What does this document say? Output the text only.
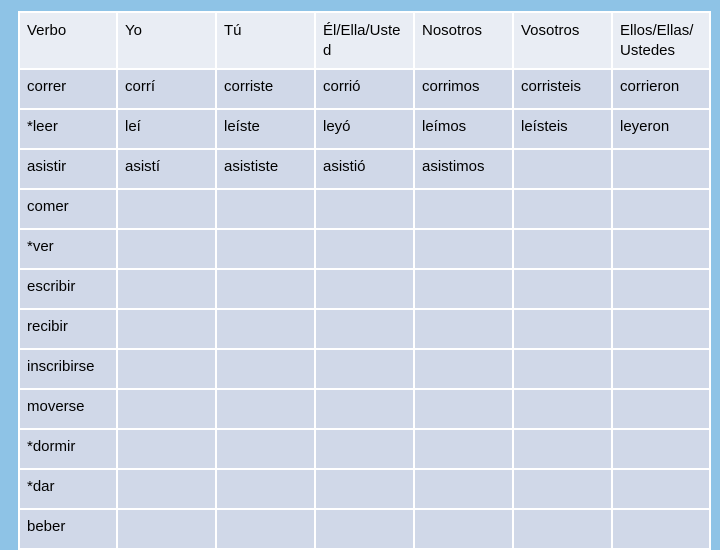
Verbo	Yo	Tú	Él/Ella/Usted	Nosotros	Vosotros	Ellos/Ellas/Ustedes
correr	corrí	corriste	corrió	corrimos	corristeis	corrieron
*leer	leí	leíste	leyó	leímos	leísteis	leyeron
asistir	asistí	asististe	asistió	asistimos		
comer						
*ver						
escribir						
recibir						
inscribirse						
moverse						
*dormir						
*dar						
beber						
